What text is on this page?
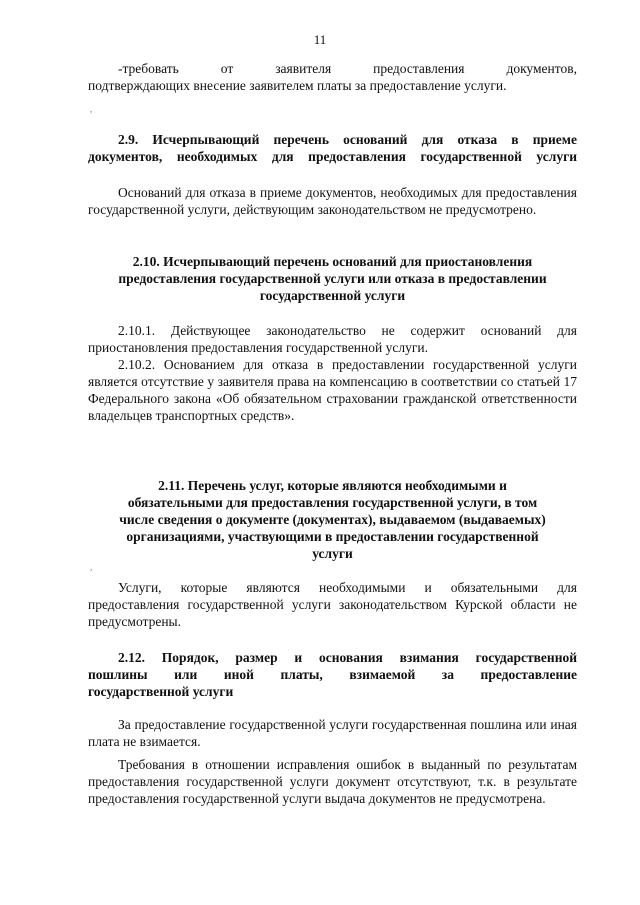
11

-требовать от заявителя предоставления документов,

подтверждающих внесение заявителем платы за предоставление услуги.

,

2.9. Исчерпывающий перечень оснований для отказа в приеме

документов, необходимых для предоставления государственной услуги

Оснований для отказа в приеме документов, необходимых для предоставления государственной услуги, действующим законодательством не предусмотрено.

2.10. Исчерпывающий перечень оснований для приостановления

предоставления государственной услуги или отказа в предоставлении

государственной услуги

2.10.1. Действующее законодательство не содержит оснований для приостановления предоставления государственной услуги.

2.10.2. Основанием для отказа в предоставлении государственной услуги является отсутствие у заявителя права на компенсацию в соответствии со статьей 17 Федерального закона «Об обязательном страховании гражданской ответственности владельцев транспортных средств».

2.11. Перечень услуг, которые являются необходимыми и

обязательными для предоставления государственной услуги, в том

числе сведения о документе (документах), выдаваемом (выдаваемых)

организациями, участвующими в предоставлении государственной

услуги

,

Услуги, которые являются необходимыми и обязательными для предоставления государственной услуги законодательством Курской области не предусмотрены.

2.12. Порядок, размер и основания взимания государственной

пошлины или иной платы, взимаемой за предоставление

государственной услуги

За предоставление государственной услуги государственная пошлина или иная плата не взимается.

Требования в отношении исправления ошибок в выданный по результатам предоставления государственной услуги документ отсутствуют, т.к. в результате предоставления государственной услуги выдача документов не предусмотрена.
